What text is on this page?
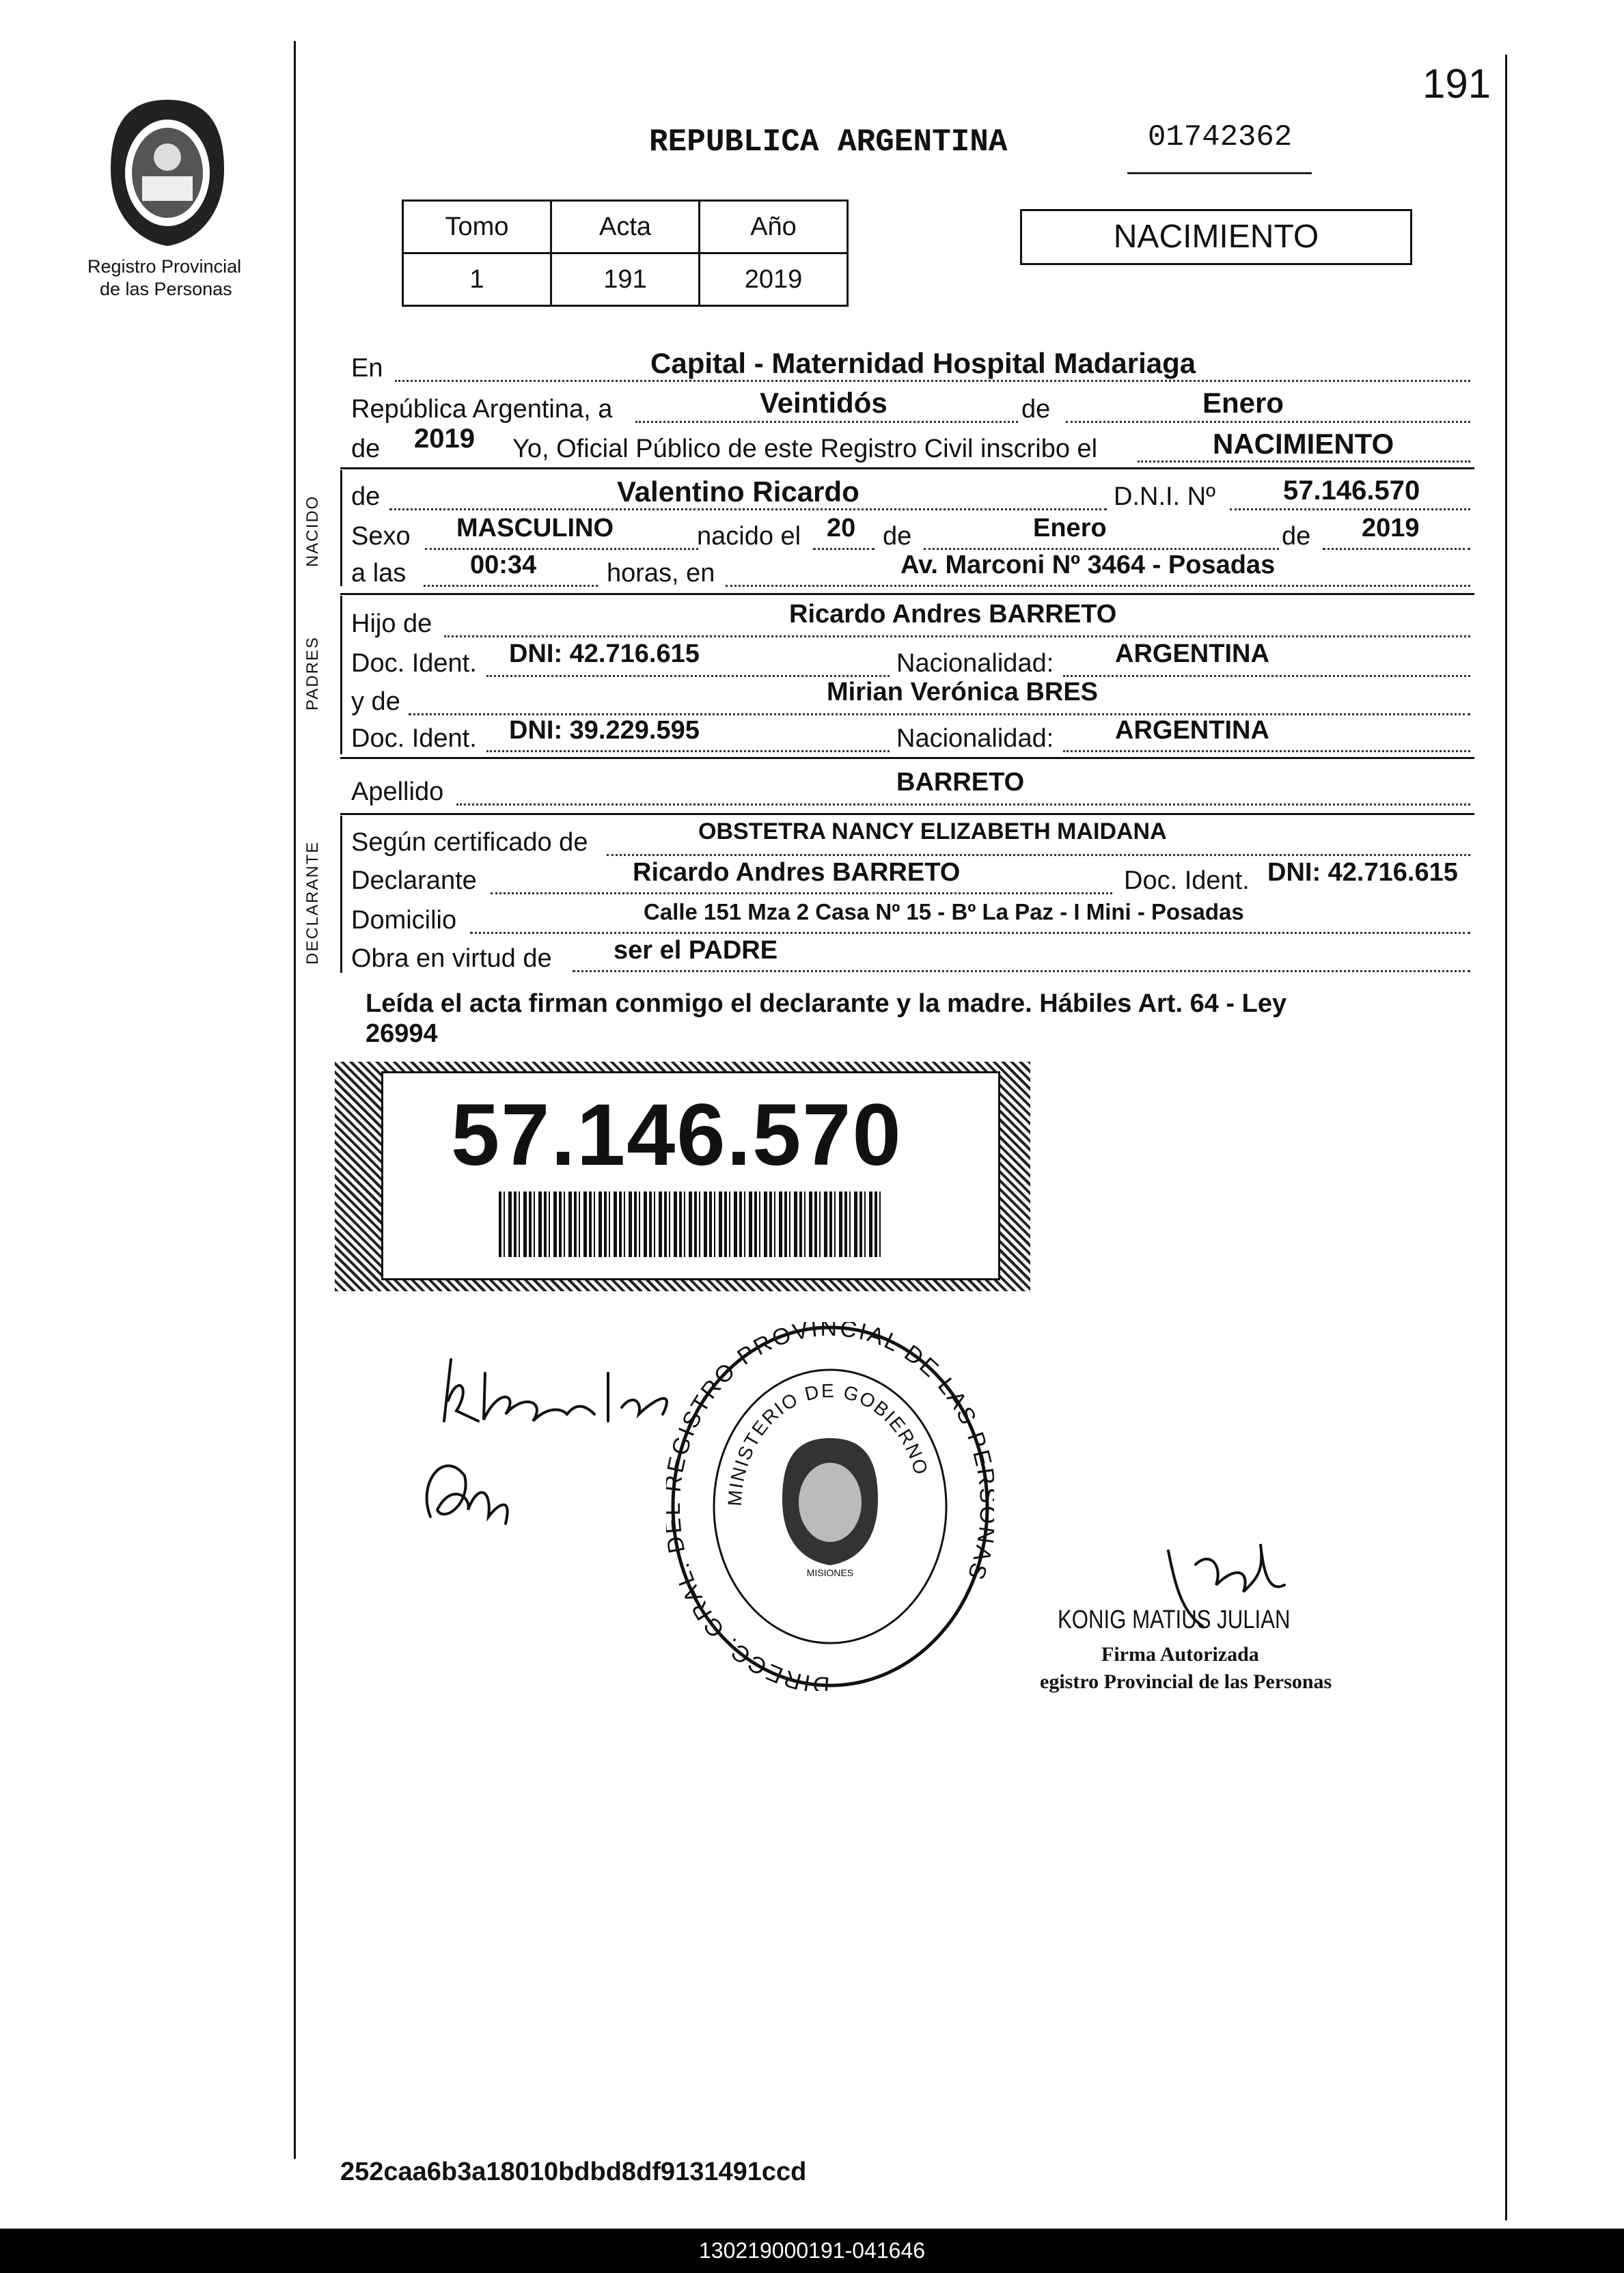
191
Registro Provincial
de las Personas
REPUBLICA ARGENTINA	01742362
Tomo	Acta	Año
1	191	2019
NACIMIENTO
En	Capital - Maternidad Hospital Madariaga
República Argentina, a	Veintidós	de	Enero
de 2019 Yo, Oficial Público de este Registro Civil inscribo el	NACIMIENTO
NACIDO de	Valentino Ricardo	D.N.I. Nº 57.146.570
Sexo MASCULINO	nacido el 20 de	Enero	de 2019
a las 00:34	horas, en	Av. Marconi Nº 3464 - Posadas
PADRES
Hijo de	Ricardo Andres BARRETO
Doc. Ident. DNI: 42.716.615	Nacionalidad: ARGENTINA
y de	Mirian Verónica BRES
Doc. Ident. DNI: 39.229.595	Nacionalidad: ARGENTINA
Apellido	BARRETO
DECLARANTE Según certificado de	OBSTETRA NANCY ELIZABETH MAIDANA
Declarante	Ricardo Andres BARRETO	Doc. Ident. DNI: 42.716.615
Domicilio	Calle 151 Mza 2 Casa Nº 15 - Bº La Paz - I Mini - Posadas
Obra en virtud de ser el PADRE
Leída el acta firman conmigo el declarante y la madre. Hábiles Art. 64 - Ley
26994
57.146.570
DIRECC. GRAL. GISTRO PROVINCIAL DE LAS PE AS -
MINISTERIO DE GOBIERNO
MISIONES
KONIG MATIUS JULIAN
Firma Autorizada
egistro Provincial de las Personas
252caa6b3a18010bdbd8df9131491ccd
130219000191-041646
